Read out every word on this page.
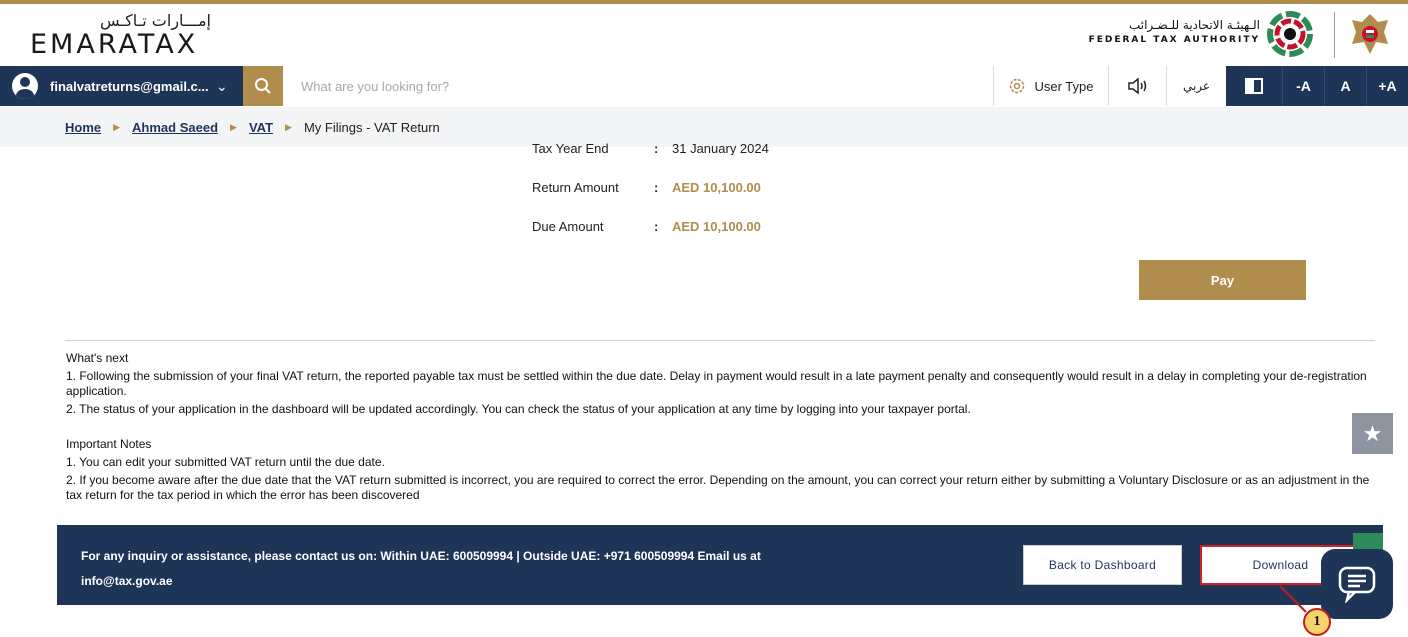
إمـــارات تـاكـس
EMARATAX
الـهيئـة الاتحادية للـضـرائب
FEDERAL TAX AUTHORITY
finalvatreturns@gmail.c... ⌄
What are you looking for?	User Type	عربي	-A	A	+A
Home ▶ Ahmad Saeed ▶ VAT ▶ My Filings - VAT Return
Tax Year End	:	31 January 2024
Return Amount	:	AED 10,100.00
Due Amount	:	AED 10,100.00
Pay

What's next

1. Following the submission of your final VAT return, the reported payable tax must be settled within the due date. Delay in payment would result in a late payment penalty and consequently would result in a delay in completing your de-registration application.

2. The status of your application in the dashboard will be updated accordingly. You can check the status of your application at any time by logging into your taxpayer portal.

Important Notes

1. You can edit your submitted VAT return until the due date.

2. If you become aware after the due date that the VAT return submitted is incorrect, you are required to correct the error. Depending on the amount, you can correct your return either by submitting a Voluntary Disclosure or as an adjustment in the tax return for the tax period in which the error has been discovered

For any inquiry or assistance, please contact us on: Within UAE: 600509994 | Outside UAE: +971 600509994 Email us at info@tax.gov.ae
Back to Dashboard	Download
★
1
